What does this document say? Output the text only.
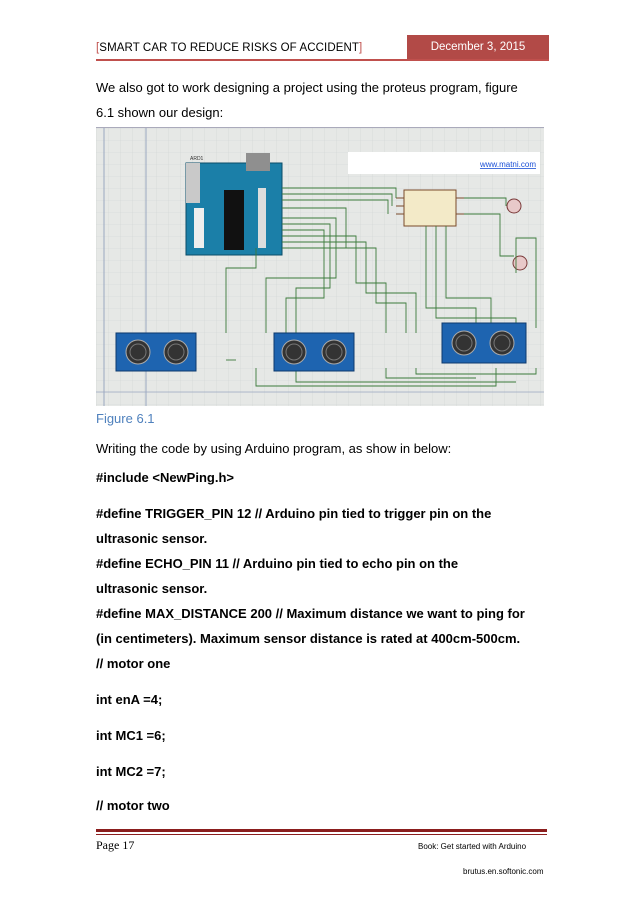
[SMART CAR TO REDUCE RISKS OF ACCIDENT]	December 3, 2015
We also got to work designing a project using the proteus program, figure 6.1 shown our design:
ARD1
www.matni.com
Figure 6.1
Writing the code by using Arduino program, as show in below:
#include <NewPing.h>
#define TRIGGER_PIN 12 // Arduino pin tied to trigger pin on the ultrasonic sensor.
#define ECHO_PIN 11 // Arduino pin tied to echo pin on the ultrasonic sensor.
#define MAX_DISTANCE 200 // Maximum distance we want to ping for (in centimeters). Maximum sensor distance is rated at 400cm-500cm.
// motor one
int enA =4;
int MC1 =6;
int MC2 =7;
// motor two
Page 17	Book: Get started with Arduino
brutus.en.softonic.com
